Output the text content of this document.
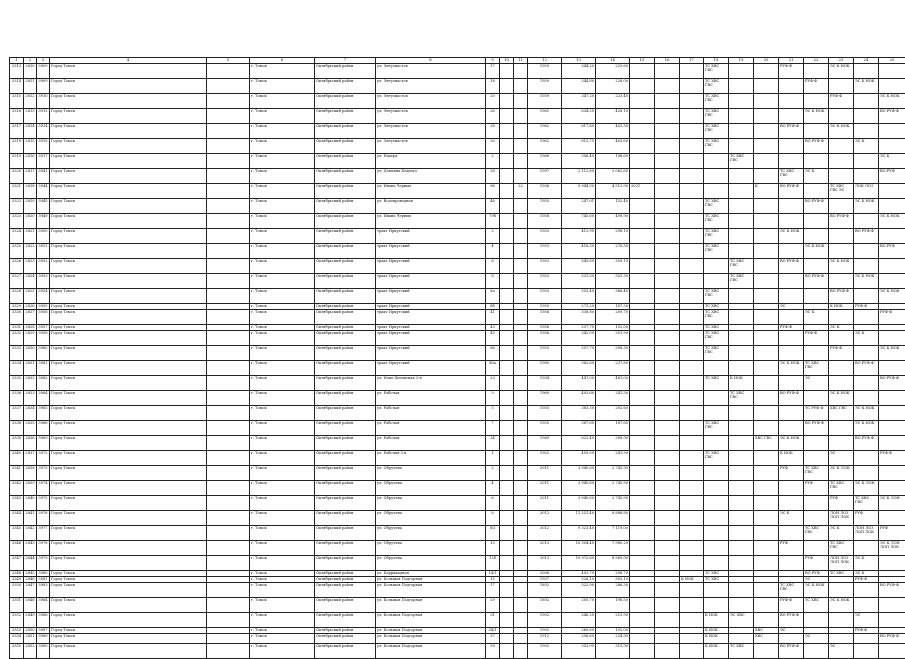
1	2	3	4	5	6	7	8	9	10	11	12	13	14	15	16	17	18	19	20	21	22	23	24	25
3313	2810	3909	Город Томск		г. Томск	Октябрьский район	ул. Энтузиастов	17			1959	344,20	225,60				ТС ХВС ГВС			РУФ-Ф		ЭС К НОК		
3314	2811	3909	Город Томск		г. Томск	Октябрьский район	ул. Энтузиастов	18			1959	344,80	228,00				ТС ХВС ГВС				РУФ-Ф		ЭС К НОК	
3315	2812	3910	Город Томск		г. Томск	Октябрьский район	ул. Энтузиастов	20			1959	347,20	223,40				ТС ХВС ГВС					РУФ-Ф		ЭС К НОК
3316	2813	3913	Город Томск		г. Томск	Октябрьский район	ул. Энтузиастов	26			1962	634,20	428,10				ТС ХВС ГВС				ЭС К НОК			ВО РУФ-Ф
3317	2814	3914	Город Томск		г. Томск	Октябрьский район	ул. Энтузиастов	28			1962	617,60	403,30				ТС ХВС ГВС			ВО РУФ-Ф		ЭС К НОК		
3318	2815	3915	Город Томск		г. Томск	Октябрьский район	ул. Энтузиастов	30			1962	612,75	403,60				ТС ХВС ГВС				ВО РУФ-Ф		ЭС К	
3319	2816	3917	Город Томск		г. Томск	Октябрьский район	ул. Нахера	2			1968	306,40	196,60					ТС ХВС ГВС						ЭС К
3320	2817	3941	Город Томск		г. Томск	Октябрьский район	ул. Демьяна Бедного	28			1997	2 112,60	2 062,60							ТС ХВС ГВС	ЭС К			ВО РУФ
3321	2818	3944	Город Томск		г. Томск	Октябрьский район	ул. Ивана Черных	96		22	1936	5 944,90	4 512,90	2021					К	ВО РУФ-Ф		ТС ХВС ГВС ЭС	ЛОК ЛОЗ	
3322	2819	3945	Город Томск		г. Томск	Октябрьский район	ул. Водопроводная	46			1955	247,01	152,40				ТС ХВС ГВС				ВО РУФ-Ф		ЭС К НОК	
3323	2820	3949	Город Томск		г. Томск	Октябрьский район	ул. Ивана Черных	79б			1958	745,60	499,90				ТС ХВС ГВС					ВО РУФ-Ф		ЭС К НОК
3324	2821	3950	Город Томск		г. Томск	Октябрьский район	тракт Иркутский	2			1953	412,90	298,10				ТС ХВС ГВС			ЭС К НОК			ВО РУФ-Ф	
3325	2822	3951	Город Томск		г. Томск	Октябрьский район	тракт Иркутский	4			1953	416,30	276,30				ТС ХВС ГВС				ЭС К НОК			ВО РУФ
3326	2823	3952	Город Томск		г. Томск	Октябрьский район	тракт Иркутский	6			1953	545,80	359,10					ТС ХВС ГВС		ВО РУФ-Ф		ЭС К НОК		
3327	2824	3953	Город Томск		г. Томск	Октябрьский район	тракт Иркутский	8			1953	531,30	353,30					ТС ХВС ГВС			ВО РУФ-Ф		ЭС К НОК	
3328	2825	3954	Город Томск		г. Томск	Октябрьский район	тракт Иркутский	8а			1953	553,40	366,40				ТС ХВС ГВС					ВО РУФ-Ф		ЭС К НОК
3329	2826	3955	Город Томск		г. Томск	Октябрьский район	тракт Иркутский	8б			1953	271,20	187,30				ТС ХВС			ЭС		К НОК	РУФ-Ф	
3330	2827	3956	Город Томск		г. Томск	Октябрьский район	тракт Иркутский	41			1956	338,80	209,70				ТС ХВС ГВС				ЭС К			РУФ-Ф
3331	2828	3957	Город Томск		г. Томск	Октябрьский район	тракт Иркутский	43			1956	237,70	152,00				ТС ХВС			РУФ-Ф		ЭС К		
3332	2829	3958	Город Томск		г. Томск	Октябрьский район	тракт Иркутский	45			1956	342,00	201,90				ТС ХВС ГВС				РУФ-Ф		ЭС К	
3333	2830	3960	Город Томск		г. Томск	Октябрьский район	тракт Иркутский	86			1955	507,70	398,30				ТС ХВС ГВС					РУФ-Ф		ЭС К НОК
3334	2831	3961	Город Томск		г. Томск	Октябрьский район	тракт Иркутский	88а			1980	382,60	237,80							ЭС К НОК	ТС ХВС ГВС		ВО РУФ-Ф	
3335	2832	3962	Город Томск		г. Томск	Октябрьский район	ул. Ново-Деповская 2-я	23			1934	447,00	461,00				ТС ХВС	К НОК			ЭС			ВО РУФ-Ф
3336	2833	3964	Город Томск		г. Томск	Октябрьский район	ул. Рабочая	3			1960	402,60	241,50					ТС ХВС ГВС		ВО РУФ-Ф		ЭС К НОК		
3337	2834	3965	Город Томск		г. Томск	Октябрьский район	ул. Рабочая	5			1955	383,30	202,60								ТС РУФ-Ф	ХВС ГВС	ЭС К НОК	
3338	2835	3966	Город Томск		г. Томск	Октябрьский район	ул. Рабочая	7			1955	387,60	187,60				ТС ХВС ГВС				ВО РУФ-Ф		ЭС К НОК	
3339	2836	3969	Город Томск		г. Томск	Октябрьский район	ул. Рабочая	24			1969	622,40	398,90						ХВС ГВС	ЭС К НОК			ВО РУФ-Ф	
3340	2837	3972	Город Томск		г. Томск	Октябрьский район	ул. Рабочая 3-я	1			1952	455,00	241,90				ТС ХВС ГВС			К НОК		ЭС		РУФ-Ф
3341	2838	3973	Город Томск		г. Томск	Октябрьский район	ул. Обручева	2			2011	3 940,60	2 745,90							РУФ	ТС ХВС ГВС	ЭС К ЛОН		
3342	2839	3974	Город Томск		г. Томск	Октябрьский район	ул. Обручева	4			2011	3 940,60	2 745,90								РУФ	ТС ХВС ГВС	ЭС К ЛОН	
3343	2840	3975	Город Томск		г. Томск	Октябрьский район	ул. Обручева	6			2011	3 940,60	2 745,90									РУФ	ТС ХВС ГВС	ЭС К ЛОН
3344	2841	3976	Город Томск		г. Томск	Октябрьский район	ул. Обручева	8			2012	11 251,40	8 888,80							ЭС К		ЛОН ЛОЗ ЛОП ЛОК	РУФ	
3345	2842	3977	Город Томск		г. Томск	Октябрьский район	ул. Обручева	8/1			2012	9 323,40	7 119,00								ТС ХВС ГВС	ЭС К	ЛОН ЛОЗ ЛОП ЛОК	РУФ
3346	2843	3978	Город Томск		г. Томск	Октябрьский район	ул. Обручева	10			2013	10 304,40	7 980,20							РУФ		ТС ХВС ГВС		ЭС К ЛОН ЛОП ЛОК
3347	2844	3979	Город Томск		г. Томск	Октябрьский район	ул. Обручева	12б			2013	10 972,60	8 569,90								РУФ	ЛОН ЛОЗ ЛОП ЛОК	ЭС К	
3348	2845	3980	Город Томск		г. Томск	Октябрьский район	ул. Баррикадная	14/1			2006	403,70	296,70				ТС ХВС				ВО РУФ	ТС ХВС	ЭС К	
3349	2846	3981	Город Томск		г. Томск	Октябрьский район	ул. Большая Подгорная	15			1937	526,10	303,10			К НОК	ТС ХВС				ЭС		РУФ-Ф	
3350	2847	3983	Город Томск		г. Томск	Октябрьский район	ул. Большая Подгорная	17			1892	322,90	286,30							ТС ХВС ГВС	ЭС К НОК			ВО РУФ-Ф
3351	2848	3984	Город Томск		г. Томск	Октябрьский район	ул. Большая Подгорная	29			1892	205,70	198,50							РУФ-Ф	ТС ХВС	ЭС К НОК		
3352	2849	3986	Город Томск		г. Томск	Октябрьский район	ул. Большая Подгорная	31			1902	246,20	215,90				К НОК	ЭС ХВС		ВО РУФ-Ф			ЭС	
3353	2850	3987	Город Томск		г. Томск	Октябрьский район	ул. Большая Подгорная	34/1			1902	260,60	192,00				К НОК		ХВС	ЭС			РУФ-Ф	
3354	2851	3989	Город Томск		г. Томск	Октябрьский район	ул. Большая Подгорная	37			1912	256,60	234,90				К НОК		ХВС		ЭС			ВО РУФ-Ф
3355	2852	3990	Город Томск		г. Томск	Октябрьский район	ул. Большая Подгорная	39			1902	353,95	315,90				К НОК	ТС ХВС		ВО РУФ-Ф		ЭС		
